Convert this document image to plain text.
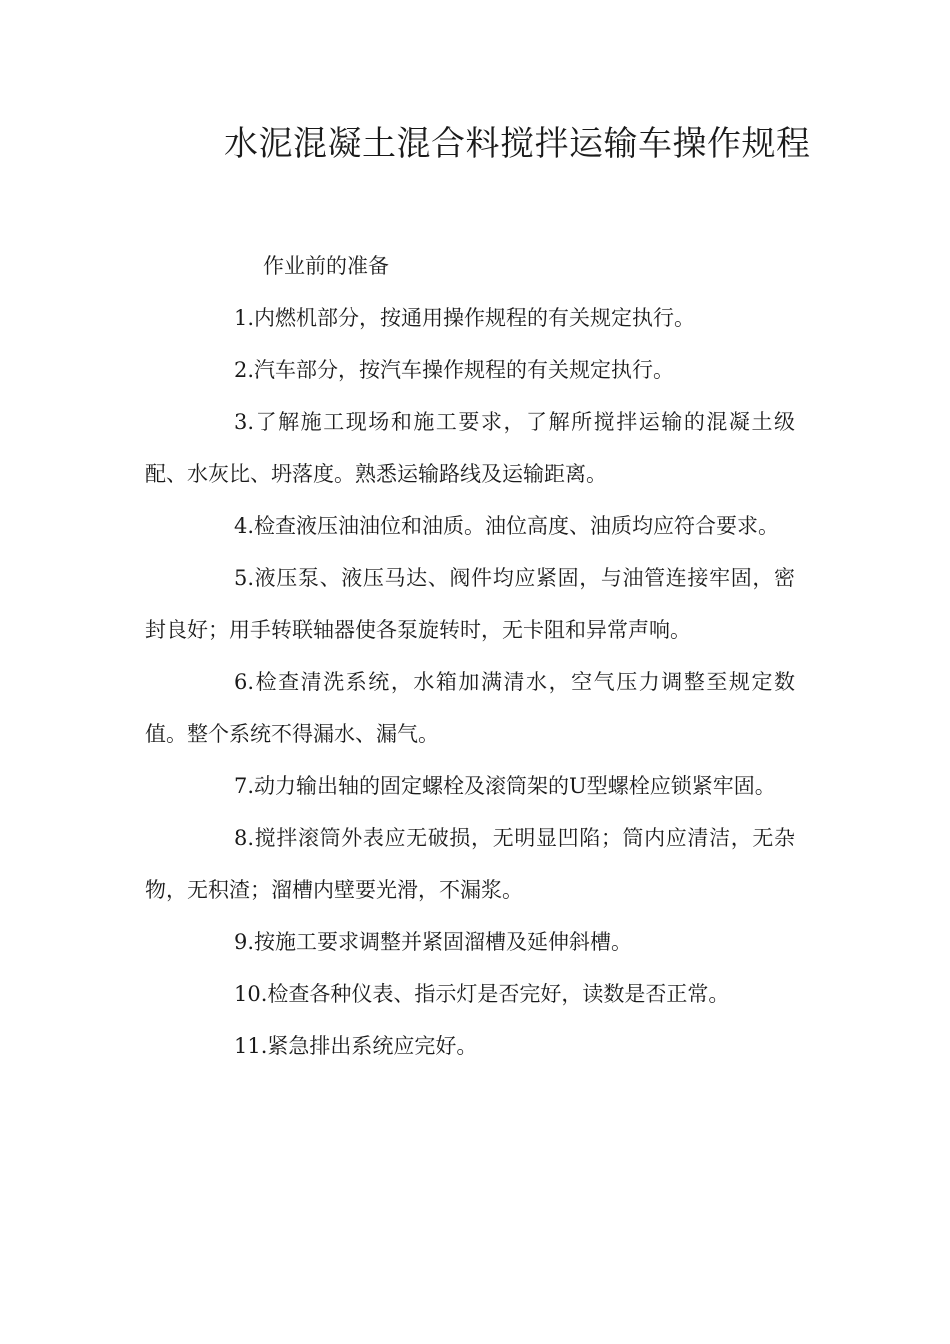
水泥混凝土混合料搅拌运输车操作规程

作业前的准备

1.内燃机部分，按通用操作规程的有关规定执行。

2.汽车部分，按汽车操作规程的有关规定执行。

3.了解施工现场和施工要求，了解所搅拌运输的混凝土级配、水灰比、坍落度。熟悉运输路线及运输距离。

4.检查液压油油位和油质。油位高度、油质均应符合要求。

5.液压泵、液压马达、阀件均应紧固，与油管连接牢固，密封良好；用手转联轴器使各泵旋转时，无卡阻和异常声响。

6.检查清洗系统，水箱加满清水，空气压力调整至规定数值。整个系统不得漏水、漏气。

7.动力输出轴的固定螺栓及滚筒架的U型螺栓应锁紧牢固。

8.搅拌滚筒外表应无破损，无明显凹陷；筒内应清洁，无杂物，无积渣；溜槽内壁要光滑，不漏浆。

9.按施工要求调整并紧固溜槽及延伸斜槽。

10.检查各种仪表、指示灯是否完好，读数是否正常。

11.紧急排出系统应完好。
